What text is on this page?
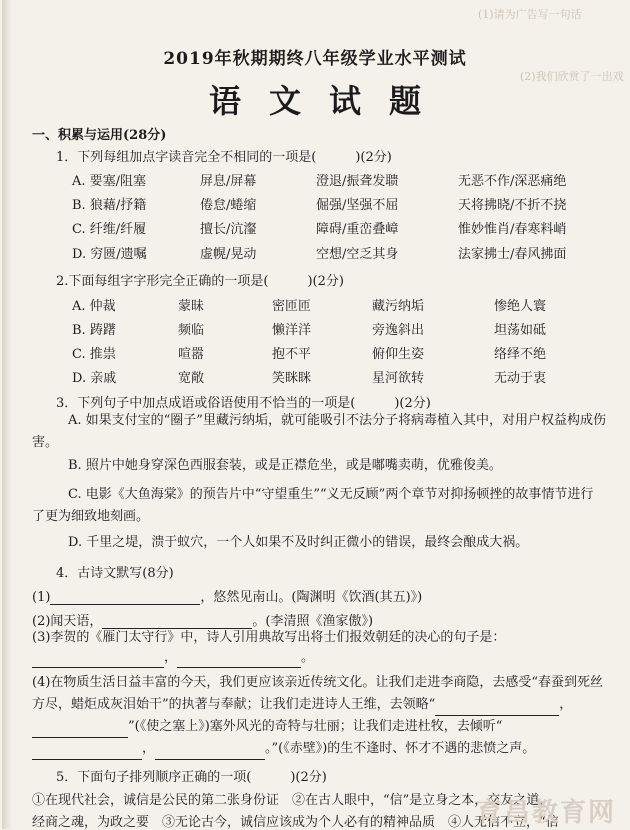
(1)请为广告写一句话
(2)我们欣赏了一出戏
2019年秋期期终八年级学业水平测试
语文试题
一、积累与运用(28分)
1．下列每组加点字读音完全不相同的一项是(　　　)(2分)
A. 要塞/阻塞	屏息/屏幕	澄退/振聋发聩	无恶不作/深恶痛绝
B. 狼藉/抒籍	倦怠/蜷缩	倔强/坚强不屈	天将拂晓/不折不挠
C. 纤维/纤履	擅长/沆瀣	障碍/重峦叠嶂	惟妙惟肖/春寒料峭
D. 穷匮/遗嘱	虚幌/晃动	空想/空乏其身	法家拂士/春风拂面
2.下面每组字字形完全正确的一项是(　　　)(2分)
A. 仲裁	蒙昧	密匝匝	藏污纳垢	惨绝人寰
B. 踌躇	频临	懒洋洋	旁逸斜出	坦荡如砥
C. 推祟	喧嚣	抱不平	俯仰生姿	络绎不绝
D. 亲戚	宽敞	笑眯眯	星河欲转	无动于衷
3．下列句子中加点成语或俗语使用不恰当的一项是(　　　)(2分)
A. 如果支付宝的“圈子”里藏污纳垢，就可能吸引不法分子将病毒植入其中，对用户权益构成伤害。
B. 照片中她身穿深色西服套装，或是正襟危坐，或是嘟嘴卖萌，优雅俊美。
C. 电影《大鱼海棠》的预告片中“守望重生”“义无反顾”两个章节对抑扬顿挫的故事情节进行了更为细致地刻画。
D. 千里之堤，溃于蚁穴，一个人如果不及时纠正微小的错误，最终会酿成大祸。
4．古诗文默写(8分)
(1)	，悠然见南山。(陶渊明《饮酒(其五)》)
(2)闻天语，	。(李清照《渔家傲》)
(3)李贺的《雁门太守行》中，诗人引用典故写出将士们报效朝廷的决心的句子是：，	。
(4)在物质生活日益丰富的今天，我们更应该亲近传统文化。让我们走进李商隐，去感受“春蚕到死丝方尽，蜡炬成灰泪始干”的执著与奉献；让我们走进诗人王维，去领略“	，”(《使之塞上》)塞外风光的奇特与壮丽；让我们走进杜牧，去倾听“，	。”(《赤壁》)的生不逢时、怀才不遇的悲愤之声。
5．下面句子排列顺序正确的一项(　　　)(2分)
①在现代社会，诚信是公民的第二张身份证　②在古人眼中，“信”是立身之本，交友之道，
经商之魂，为政之要　③无论古今，诚信应该成为个人必有的精神品质　④人无信不立，“信
育昌教育网
